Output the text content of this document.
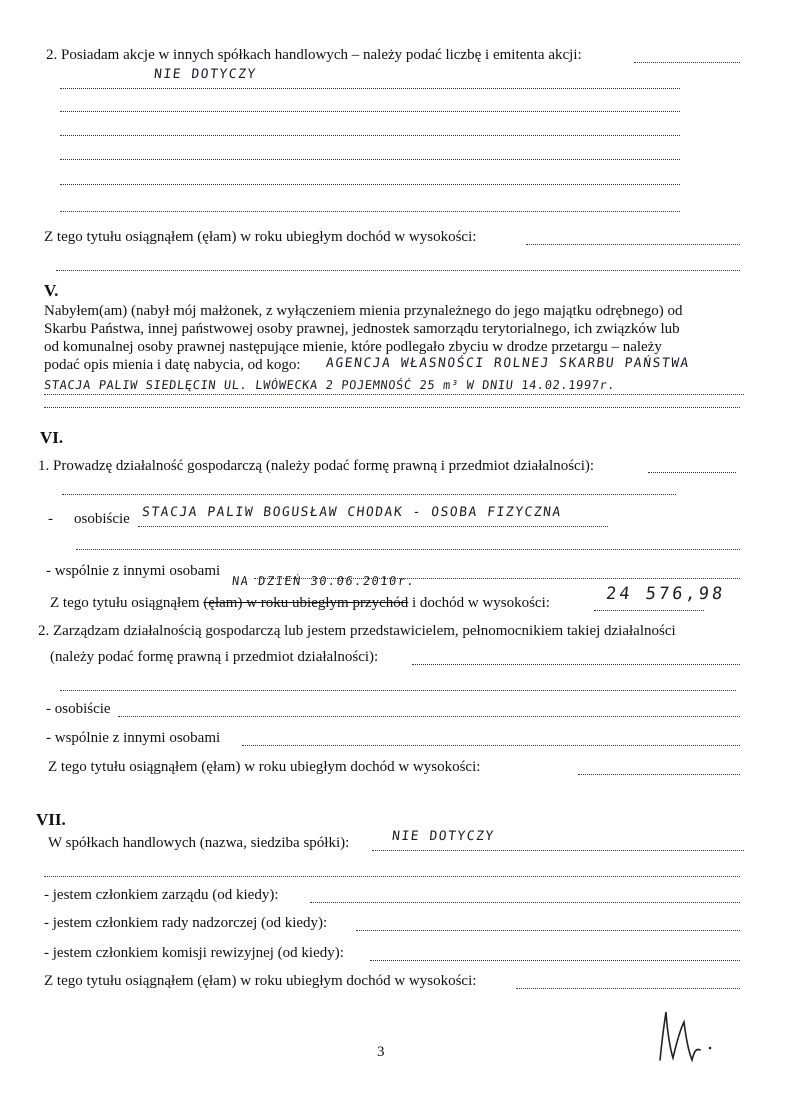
2. Posiadam akcje w innych spółkach handlowych – należy podać liczbę i emitenta akcji:
NIE DOTYCZY
Z tego tytułu osiągnąłem (ęłam) w roku ubiegłym dochód w wysokości:
V.
Nabyłem(am) (nabył mój małżonek, z wyłączeniem mienia przynależnego do jego majątku odrębnego) od
Skarbu Państwa, innej państwowej osoby prawnej, jednostek samorządu terytorialnego, ich związków lub
od komunalnej osoby prawnej następujące mienie, które podlegało zbyciu w drodze przetargu – należy
podać opis mienia i datę nabycia, od kogo: AGENCJA WŁASNOŚCI ROLNEJ SKARBU PAŃSTWA
STACJA PALIW SIEDLĘCIN UL. LWÓWECKA 2 POJEMNOŚĆ 25 m³ W DNIU 14.02.1997r.
VI.
1. Prowadzę działalność gospodarczą (należy podać formę prawną i przedmiot działalności):
- osobiście STACJA PALIW BOGUSŁAW CHODAK - OSOBA FIZYCZNA
- wspólnie z innymi osobami
NA DZIEŃ 30.06.2010r.
Z tego tytułu osiągnąłem (ęłam) w roku ubiegłym przychód i dochód w wysokości:	24 576,98
2. Zarządzam działalnością gospodarczą lub jestem przedstawicielem, pełnomocnikiem takiej działalności
(należy podać formę prawną i przedmiot działalności):
- osobiście
- wspólnie z innymi osobami
Z tego tytułu osiągnąłem (ęłam) w roku ubiegłym dochód w wysokości:
VII.
W spółkach handlowych (nazwa, siedziba spółki):	NIE DOTYCZY
- jestem członkiem zarządu (od kiedy):
- jestem członkiem rady nadzorczej (od kiedy):
- jestem członkiem komisji rewizyjnej (od kiedy):
Z tego tytułu osiągnąłem (ęłam) w roku ubiegłym dochód w wysokości:
3
